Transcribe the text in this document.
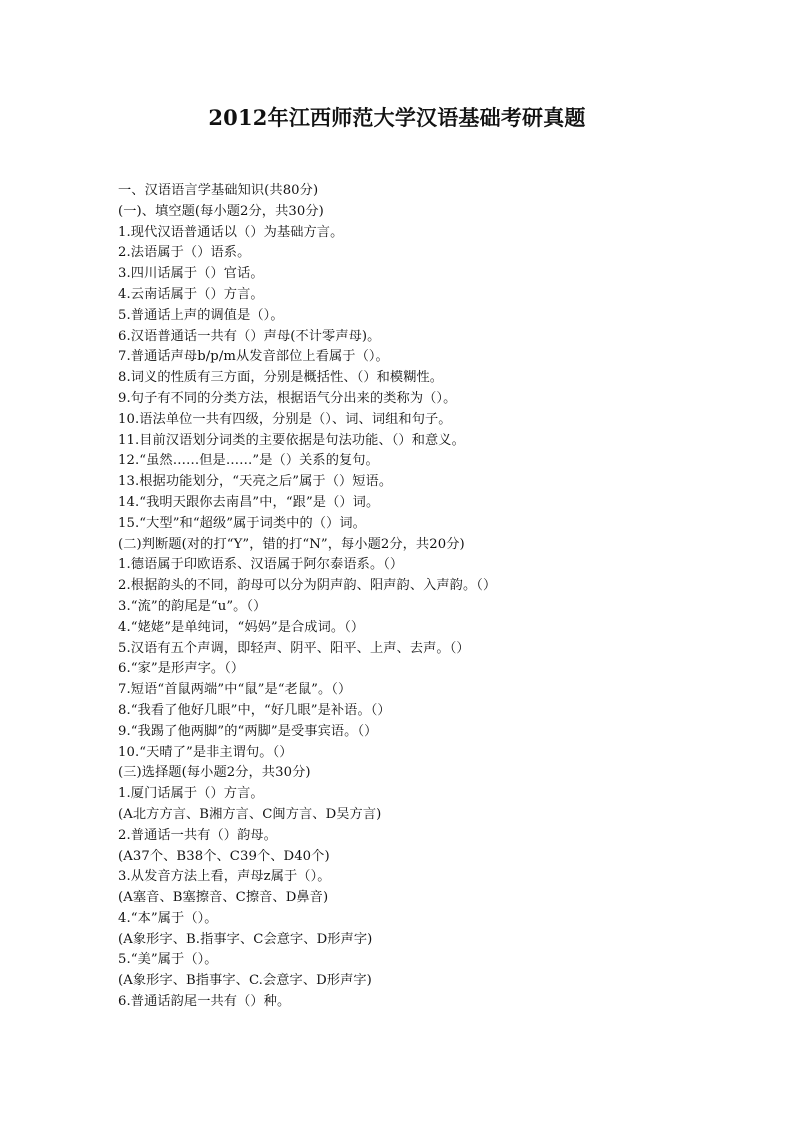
2012年江西师范大学汉语基础考研真题
一、汉语语言学基础知识(共80分)
(一)、填空题(每小题2分，共30分)
1.现代汉语普通话以（）为基础方言。
2.法语属于（）语系。
3.四川话属于（）官话。
4.云南话属于（）方言。
5.普通话上声的调值是（）。
6.汉语普通话一共有（）声母(不计零声母)。
7.普通话声母b/p/m从发音部位上看属于（）。
8.词义的性质有三方面，分别是概括性、（）和模糊性。
9.句子有不同的分类方法，根据语气分出来的类称为（）。
10.语法单位一共有四级，分别是（）、词、词组和句子。
11.目前汉语划分词类的主要依据是句法功能、（）和意义。
12.“虽然……但是……”是（）关系的复句。
13.根据功能划分，“天亮之后”属于（）短语。
14.“我明天跟你去南昌”中，“跟”是（）词。
15.“大型”和“超级”属于词类中的（）词。
(二)判断题(对的打“Y”，错的打“N”，每小题2分，共20分)
1.德语属于印欧语系、汉语属于阿尔泰语系。（）
2.根据韵头的不同，韵母可以分为阴声韵、阳声韵、入声韵。（）
3.“流”的韵尾是“u”。（）
4.“姥姥”是单纯词，“妈妈”是合成词。（）
5.汉语有五个声调，即轻声、阴平、阳平、上声、去声。（）
6.“家”是形声字。（）
7.短语“首鼠两端”中“鼠”是“老鼠”。（）
8.“我看了他好几眼”中，“好几眼”是补语。（）
9.“我踢了他两脚”的“两脚”是受事宾语。（）
10.“天晴了”是非主谓句。（）
(三)选择题(每小题2分，共30分)
1.厦门话属于（）方言。
(A北方方言、B湘方言、C闽方言、D吴方言)
2.普通话一共有（）韵母。
(A37个、B38个、C39个、D40个)
3.从发音方法上看，声母z属于（）。
(A塞音、B塞擦音、C擦音、D鼻音)
4.“本”属于（）。
(A象形字、B.指事字、C会意字、D形声字)
5.“美”属于（）。
(A象形字、B指事字、C.会意字、D形声字)
6.普通话韵尾一共有（）种。
